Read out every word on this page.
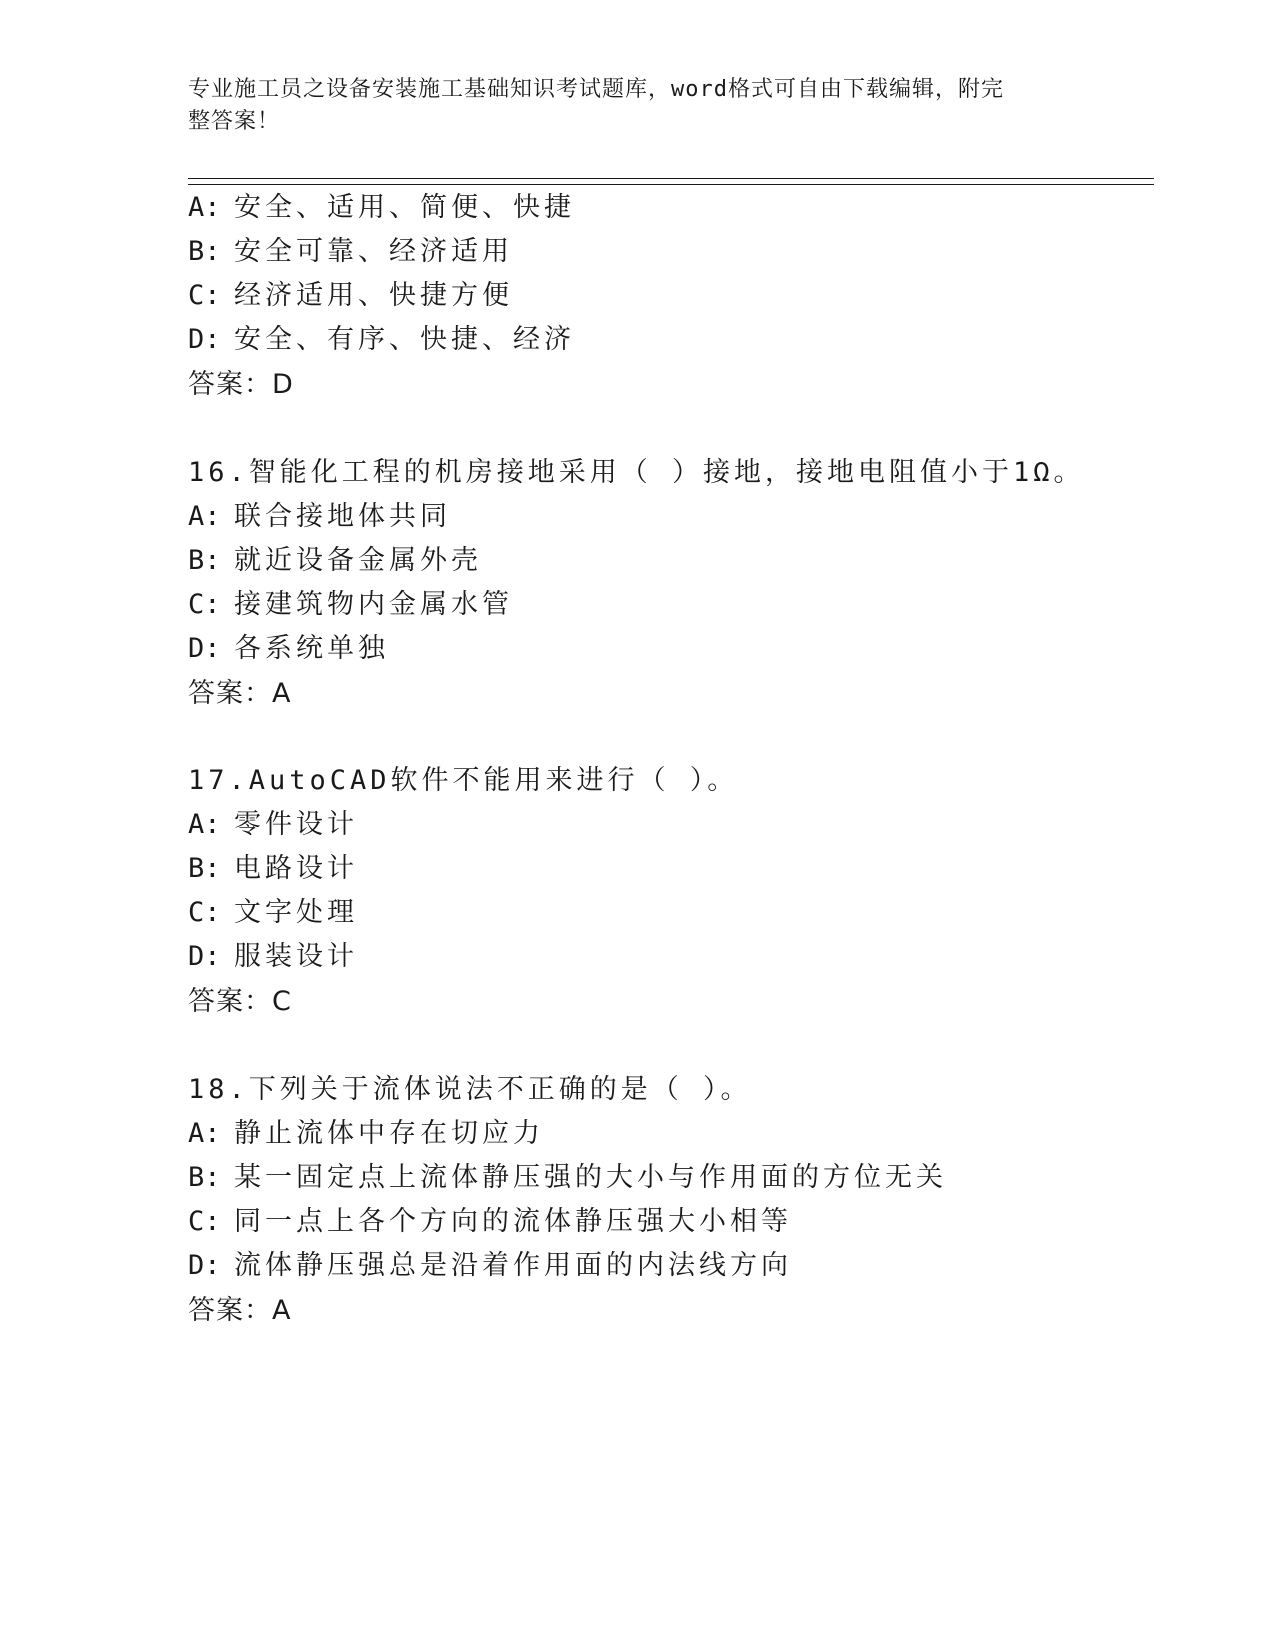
专业施工员之设备安装施工基础知识考试题库，word格式可自由下载编辑，附完
整答案！
A: 安全、适用、简便、快捷
B: 安全可靠、经济适用
C: 经济适用、快捷方便
D: 安全、有序、快捷、经济
答案：D
16.智能化工程的机房接地采用（ ）接地，接地电阻值小于1Ω。
A: 联合接地体共同
B: 就近设备金属外壳
C: 接建筑物内金属水管
D: 各系统单独
答案：A
17.AutoCAD软件不能用来进行（ ）。
A: 零件设计
B: 电路设计
C: 文字处理
D: 服装设计
答案：C
18.下列关于流体说法不正确的是（ ）。
A: 静止流体中存在切应力
B: 某一固定点上流体静压强的大小与作用面的方位无关
C: 同一点上各个方向的流体静压强大小相等
D: 流体静压强总是沿着作用面的内法线方向
答案：A
